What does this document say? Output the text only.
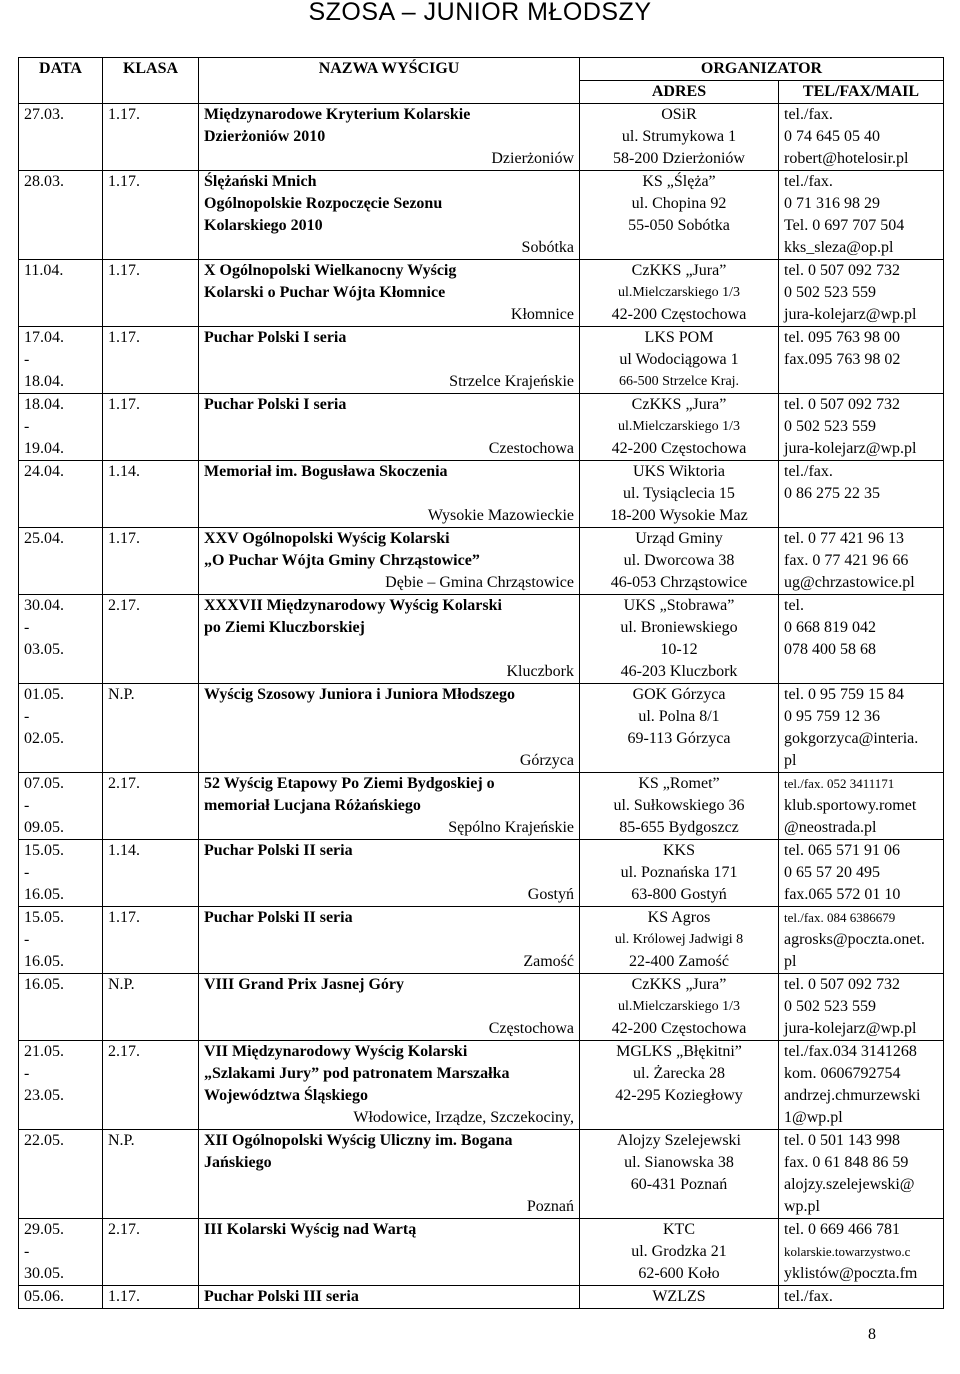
SZOSA – JUNIOR MŁODSZY
DATA	KLASA	NAZWA WYŚCIGU	ORGANIZATOR	
			ADRES	TEL/FAX/MAIL

27.03.	1.17.	Międzynarodowe Kryterium Kolarskie
Dzierżoniów 2010
Dzierżoniów	OSiR
ul. Strumykowa 1
58-200 Dzierżoniów	tel./fax.
0 74 645 05 40
robert@hotelosir.pl

28.03.	1.17.	Ślężański Mnich
Ogólnopolskie Rozpoczęcie Sezonu
Kolarskiego 2010
Sobótka	KS „Ślęża”
ul. Chopina 92
55-050 Sobótka	tel./fax.
0 71 316 98 29
Tel. 0 697 707 504
kks_sleza@op.pl

11.04.	1.17.	X Ogólnopolski Wielkanocny Wyścig
Kolarski o Puchar Wójta Kłomnice
Kłomnice	CzKKS „Jura”
ul.Mielczarskiego 1/3
42-200 Częstochowa	tel. 0 507 092 732
0 502 523 559
jura-kolejarz@wp.pl

17.04.
-
18.04.	1.17.	Puchar Polski I seria

Strzelce Krajeńskie	LKS POM
ul Wodociągowa 1
66-500 Strzelce Kraj.	tel. 095 763 98 00
fax.095 763 98 02

18.04.
-
19.04.	1.17.	Puchar Polski I seria

Czestochowa	CzKKS „Jura”
ul.Mielczarskiego 1/3
42-200 Częstochowa	tel. 0 507 092 732
0 502 523 559
jura-kolejarz@wp.pl

24.04.	1.14.	Memoriał im. Bogusława Skoczenia

Wysokie Mazowieckie	UKS Wiktoria
ul. Tysiąclecia 15
18-200 Wysokie Maz	tel./fax.
0 86 275 22 35

25.04.	1.17.	XXV Ogólnopolski Wyścig Kolarski
„O Puchar Wójta Gminy Chrząstowice”
Dębie – Gmina Chrząstowice	Urząd Gminy
ul. Dworcowa 38
46-053 Chrząstowice	tel. 0 77 421 96 13
fax. 0 77 421 96 66
ug@chrzastowice.pl

30.04.
-
03.05.	2.17.	XXXVII Międzynarodowy Wyścig Kolarski
po Ziemi Kluczborskiej

Kluczbork	UKS „Stobrawa”
ul. Broniewskiego
10-12
46-203 Kluczbork	tel.
0 668 819 042
078 400 58 68

01.05.
-
02.05.	N.P.	Wyścig Szosowy Juniora i Juniora Młodszego

Górzyca	GOK Górzyca
ul. Polna 8/1
69-113 Górzyca	tel. 0 95 759 15 84
0 95 759 12 36
gokgorzyca@interia.
pl

07.05.
-
09.05.	2.17.	52 Wyścig Etapowy Po Ziemi Bydgoskiej o
memoriał Lucjana Różańskiego
Sępólno Krajeńskie	KS „Romet”
ul. Sułkowskiego 36
85-655 Bydgoszcz	tel./fax. 052 3411171
klub.sportowy.romet
@neostrada.pl

15.05.
-
16.05.	1.14.	Puchar Polski II seria

Gostyń	KKS
ul. Poznańska 171
63-800 Gostyń	tel. 065 571 91 06
0 65 57 20 495
fax.065 572 01 10

15.05.
-
16.05.	1.17.	Puchar Polski II seria

Zamość	KS Agros
ul. Królowej Jadwigi 8
22-400 Zamość	tel./fax. 084 6386679
agrosks@poczta.onet.
pl

16.05.	N.P.	VIII Grand Prix Jasnej Góry

Częstochowa	CzKKS „Jura”
ul.Mielczarskiego 1/3
42-200 Częstochowa	tel. 0 507 092 732
0 502 523 559
jura-kolejarz@wp.pl

21.05.
-
23.05.	2.17.	VII Międzynarodowy Wyścig Kolarski
„Szlakami Jury” pod patronatem Marszałka
Województwa Śląskiego
Włodowice, Irządze, Szczekociny,	MGLKS „Błękitni”
ul. Żarecka 28
42-295 Koziegłowy	tel./fax.034 3141268
kom. 0606792754
andrzej.chmurzewski
1@wp.pl

22.05.	N.P.	XII Ogólnopolski Wyścig Uliczny im. Bogana
Jańskiego

Poznań	Alojzy Szelejewski
ul. Sianowska 38
60-431 Poznań	tel. 0 501 143 998
fax. 0 61 848 86 59
alojzy.szelejewski@
wp.pl

29.05.
-
30.05.	2.17.	III Kolarski Wyścig nad Wartą	KTC
ul. Grodzka 21
62-600 Koło	tel. 0 669 466 781
kolarskie.towarzystwo.c
yklistów@poczta.fm

05.06.	1.17.	Puchar Polski III seria	WZLZS	tel./fax.
8
